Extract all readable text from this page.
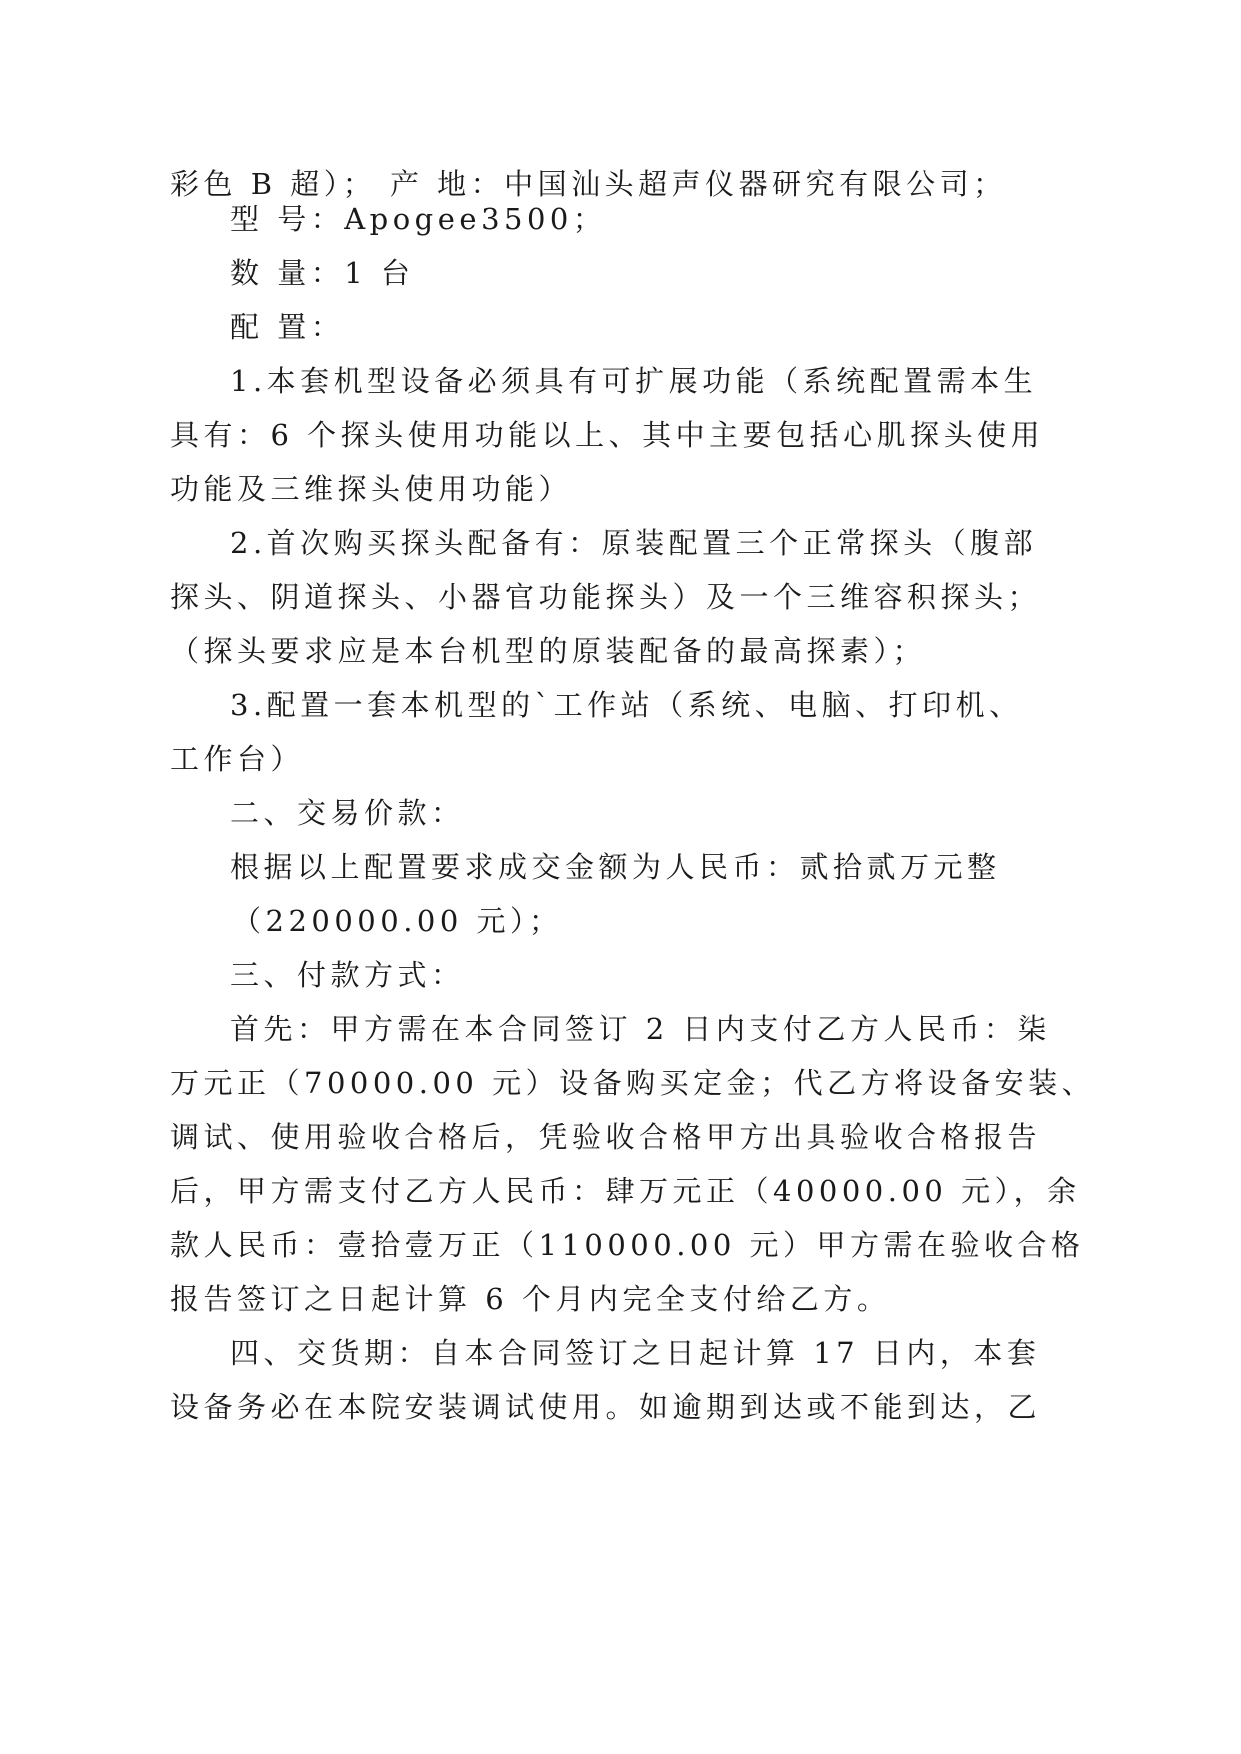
彩色 B 超）； 产 地：中国汕头超声仪器研究有限公司；
型 号：Apogee3500；
数 量：1 台
配 置：
1.本套机型设备必须具有可扩展功能（系统配置需本生
具有：6 个探头使用功能以上、其中主要包括心肌探头使用
功能及三维探头使用功能）
2.首次购买探头配备有：原装配置三个正常探头（腹部
探头、阴道探头、小器官功能探头）及一个三维容积探头；
（探头要求应是本台机型的原装配备的最高探素）；
3.配置一套本机型的`工作站（系统、电脑、打印机、
工作台）
二、交易价款：
根据以上配置要求成交金额为人民币：贰拾贰万元整
（220000.00 元）；
三、付款方式：
首先：甲方需在本合同签订 2 日内支付乙方人民币：柒
万元正（70000.00 元）设备购买定金；代乙方将设备安装、
调试、使用验收合格后，凭验收合格甲方出具验收合格报告
后，甲方需支付乙方人民币：肆万元正（40000.00 元），余
款人民币：壹拾壹万正（110000.00 元）甲方需在验收合格
报告签订之日起计算 6 个月内完全支付给乙方。
四、交货期：自本合同签订之日起计算 17 日内，本套
设备务必在本院安装调试使用。如逾期到达或不能到达，乙
